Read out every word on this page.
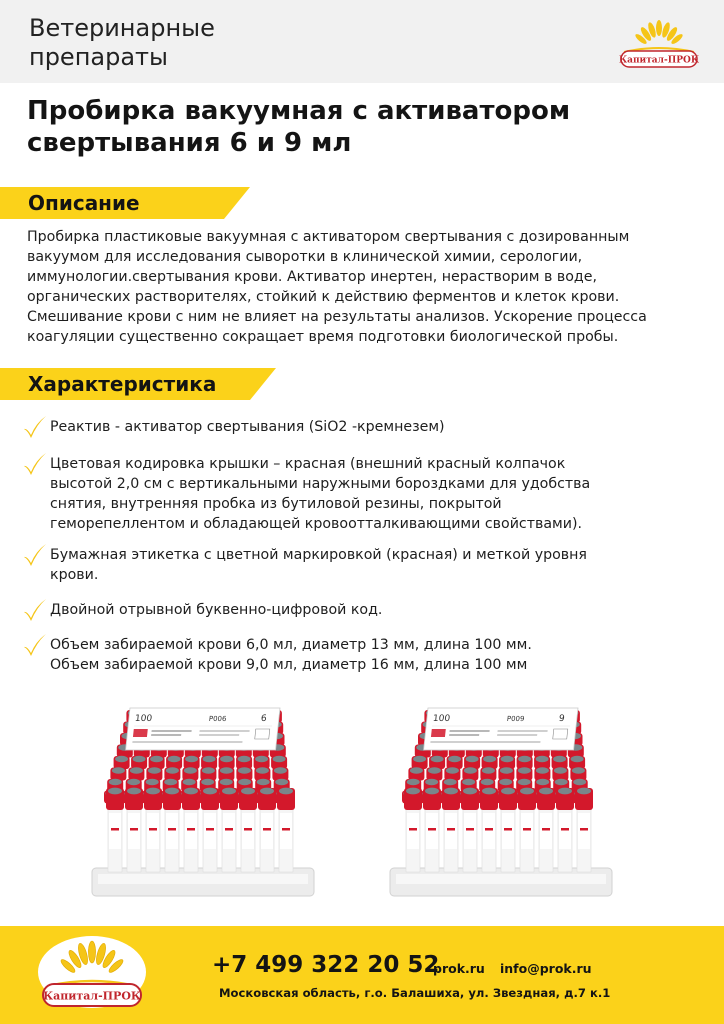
Ветеринарные
препараты	Капитал-ПРОК
Пробирка вакуумная с активатором
свертывания 6 и 9 мл
Описание
Пробирка пластиковые вакуумная с активатором свертывания с дозированным
вакуумом для исследования сыворотки в клинической химии, серологии,
иммунологии.свертывания крови. Активатор инертен, нерастворим в воде,
органических растворителях, стойкий к действию ферментов и клеток крови.
Смешивание крови с ним не влияет на результаты анализов. Ускорение процесса
коагуляции существенно сокращает время подготовки биологической пробы.
Характеристика
Реактив - активатор свертывания (SiO2 -кремнезем)
Цветовая кодировка крышки – красная (внешний красный колпачок
высотой 2,0 см с вертикальными наружными бороздками для удобства
снятия, внутренняя пробка из бутиловой резины, покрытой
геморепеллентом и обладающей кровоотталкивающими свойствами).
Бумажная этикетка с цветной маркировкой (красная) и меткой уровня
крови.
Двойной отрывной буквенно-цифровой код.
Объем забираемой крови 6,0 мл, диаметр 13 мм, длина 100 мм.
Объем забираемой крови 9,0 мл, диаметр 16 мм, длина 100 мм
100	P006	6	100	P009	9
Капитал-ПРОК
+7 499 322 20 52
prok.ru info@prok.ru
Московская область, г.о. Балашиха, ул. Звездная, д.7 к.1
